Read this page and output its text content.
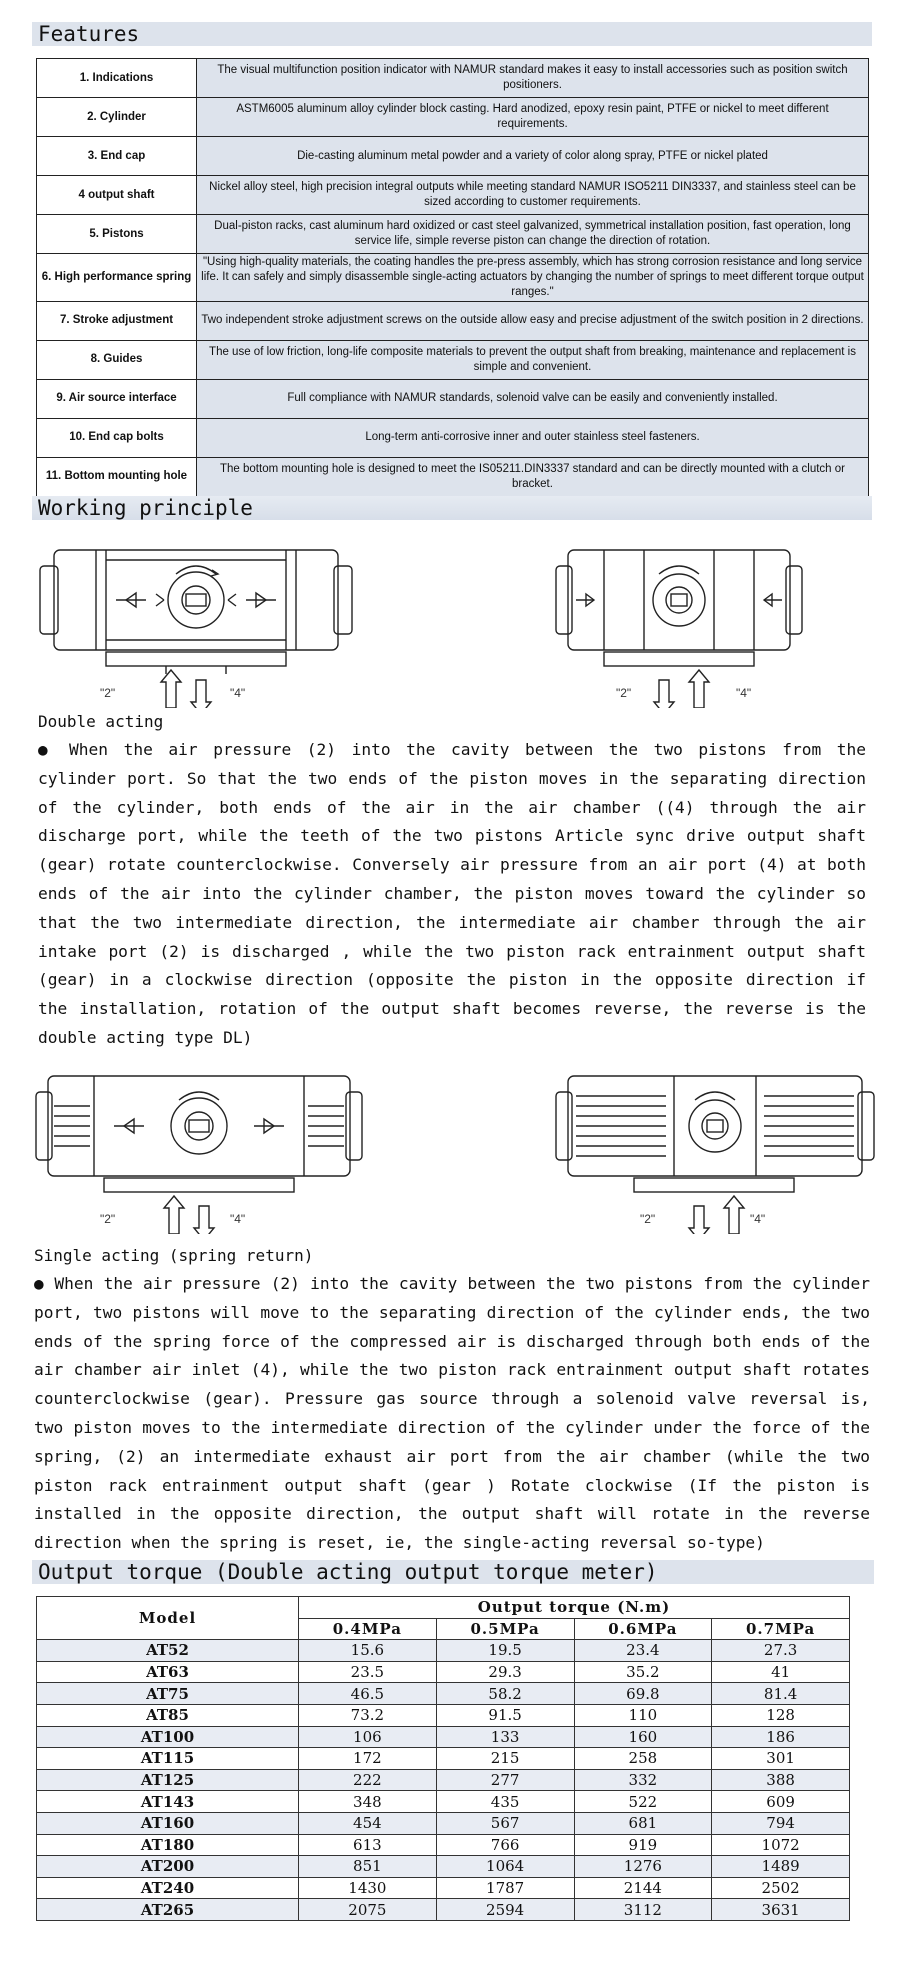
Features
1. Indications	The visual multifunction position indicator with NAMUR standard makes it easy to install accessories such as position switch positioners.
2. Cylinder	ASTM6005 aluminum alloy cylinder block casting. Hard anodized, epoxy resin paint, PTFE or nickel to meet different requirements.
3. End cap	Die-casting aluminum metal powder and a variety of color along spray, PTFE or nickel plated
4 output shaft	Nickel alloy steel, high precision integral outputs while meeting standard NAMUR ISO5211 DIN3337, and stainless steel can be sized according to customer requirements.
5. Pistons	Dual-piston racks, cast aluminum hard oxidized or cast steel galvanized, symmetrical installation position, fast operation, long service life, simple reverse piston can change the direction of rotation.
6. High performance spring	"Using high-quality materials, the coating handles the pre-press assembly, which has strong corrosion resistance and long service life. It can safely and simply disassemble single-acting actuators by changing the number of springs to meet different torque output ranges."
7. Stroke adjustment	Two independent stroke adjustment screws on the outside allow easy and precise adjustment of the switch position in 2 directions.
8. Guides	The use of low friction, long-life composite materials to prevent the output shaft from breaking, maintenance and replacement is simple and convenient.
9. Air source interface	Full compliance with NAMUR standards, solenoid valve can be easily and conveniently installed.
10. End cap bolts	Long-term anti-corrosive inner and outer stainless steel fasteners.
11. Bottom mounting hole	The bottom mounting hole is designed to meet the IS05211.DIN3337 standard and can be directly mounted with a clutch or bracket.
Working principle
"2"	"4"	"2"	"4"
Double acting
● When the air pressure (2) into the cavity between the two pistons from the cylinder port. So that the two ends of the piston moves in the separating direction of the cylinder, both ends of the air in the air chamber ((4) through the air discharge port, while the teeth of the two pistons Article sync drive output shaft (gear) rotate counterclockwise. Conversely air pressure from an air port (4) at both ends of the air into the cylinder chamber, the piston moves toward the cylinder so that the two intermediate direction, the intermediate air chamber through the air intake port (2) is discharged , while the two piston rack entrainment output shaft (gear) in a clockwise direction (opposite the piston in the opposite direction if the installation, rotation of the output shaft becomes reverse, the reverse is the double acting type DL)
"2"	"4"	"2"	"4"
Single acting (spring return)
● When the air pressure (2) into the cavity between the two pistons from the cylinder port, two pistons will move to the separating direction of the cylinder ends, the two ends of the spring force of the compressed air is discharged through both ends of the air chamber air inlet (4), while the two piston rack entrainment output shaft rotates counterclockwise (gear). Pressure gas source through a solenoid valve reversal is, two piston moves to the intermediate direction of the cylinder under the force of the spring, (2) an intermediate exhaust air port from the air chamber (while the two piston rack entrainment output shaft (gear ) Rotate clockwise (If the piston is installed in the opposite direction, the output shaft will rotate in the reverse direction when the spring is reset, ie, the single-acting reversal so-type)
Output torque (Double acting output torque meter)
Model	Output torque (N.m)			
	0.4MPa	0.5MPa	0.6MPa	0.7MPa
AT52	15.6	19.5	23.4	27.3
AT63	23.5	29.3	35.2	41
AT75	46.5	58.2	69.8	81.4
AT85	73.2	91.5	110	128
AT100	106	133	160	186
AT115	172	215	258	301
AT125	222	277	332	388
AT143	348	435	522	609
AT160	454	567	681	794
AT180	613	766	919	1072
AT200	851	1064	1276	1489
AT240	1430	1787	2144	2502
AT265	2075	2594	3112	3631
